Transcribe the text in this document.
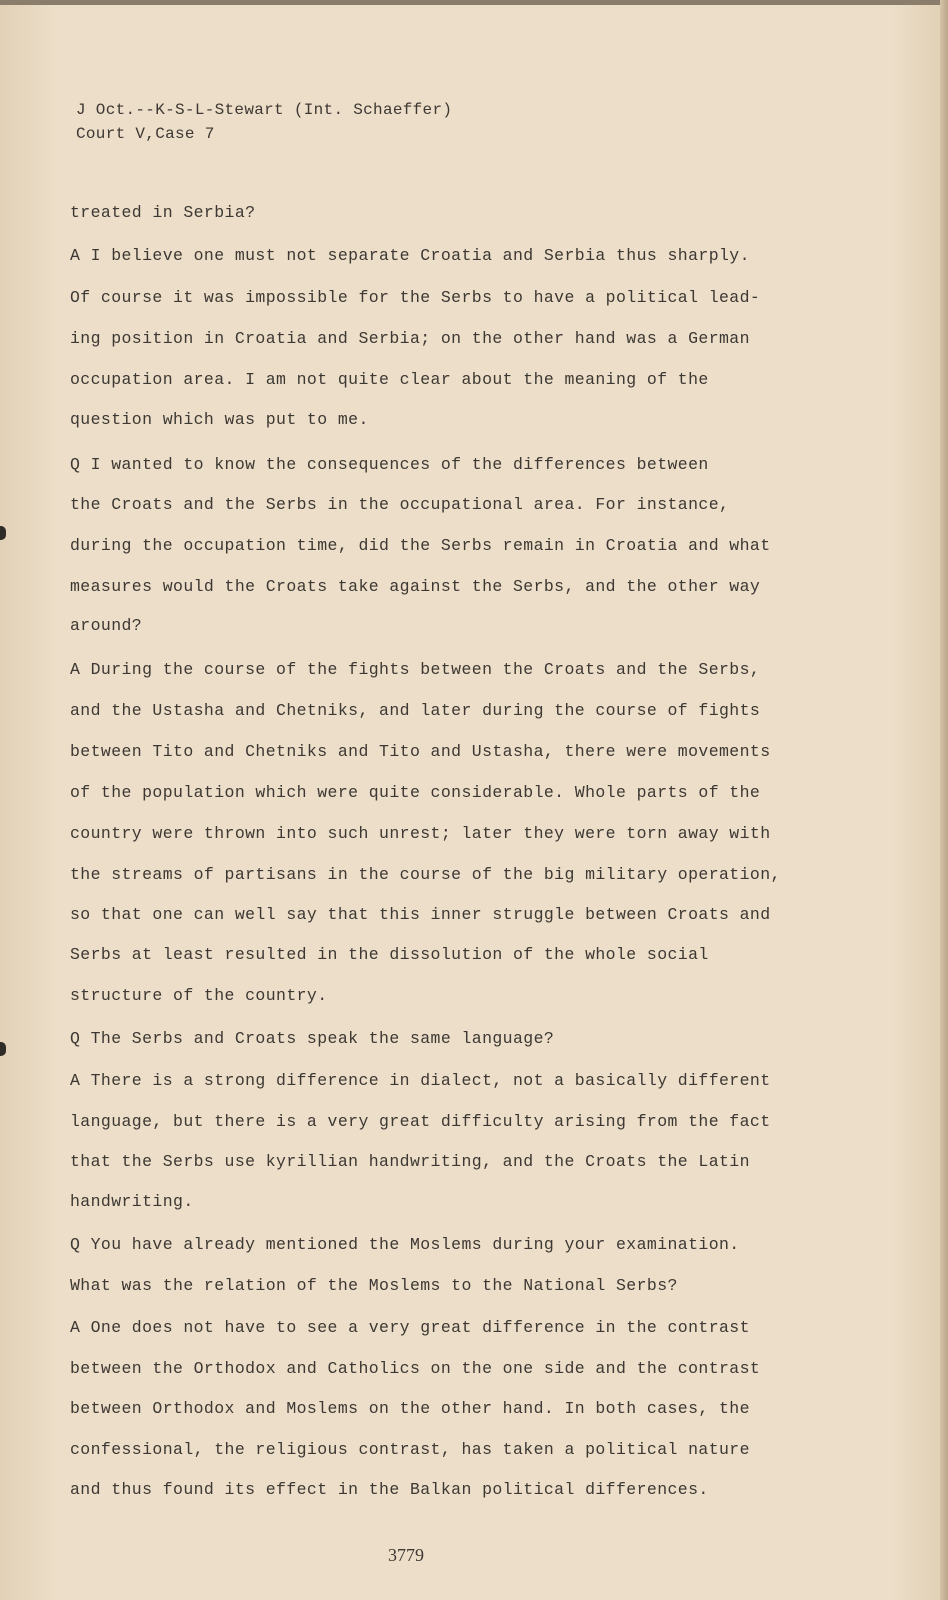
J Oct.--K-S-L-Stewart (Int. Schaeffer)
Court V,Case 7
treated in Serbia?
A I believe one must not separate Croatia and Serbia thus sharply.
Of course it was impossible for the Serbs to have a political lead-
ing position in Croatia and Serbia; on the other hand was a German
occupation area. I am not quite clear about the meaning of the
question which was put to me.
Q I wanted to know the consequences of the differences between
the Croats and the Serbs in the occupational area. For instance,
during the occupation time, did the Serbs remain in Croatia and what
measures would the Croats take against the Serbs, and the other way
around?
A During the course of the fights between the Croats and the Serbs,
and the Ustasha and Chetniks, and later during the course of fights
between Tito and Chetniks and Tito and Ustasha, there were movements
of the population which were quite considerable. Whole parts of the
country were thrown into such unrest; later they were torn away with
the streams of partisans in the course of the big military operation,
so that one can well say that this inner struggle between Croats and
Serbs at least resulted in the dissolution of the whole social
structure of the country.
Q The Serbs and Croats speak the same language?
A There is a strong difference in dialect, not a basically different
language, but there is a very great difficulty arising from the fact
that the Serbs use kyrillian handwriting, and the Croats the Latin
handwriting.
Q You have already mentioned the Moslems during your examination.
What was the relation of the Moslems to the National Serbs?
A One does not have to see a very great difference in the contrast
between the Orthodox and Catholics on the one side and the contrast
between Orthodox and Moslems on the other hand. In both cases, the
confessional, the religious contrast, has taken a political nature
and thus found its effect in the Balkan political differences.
3779
